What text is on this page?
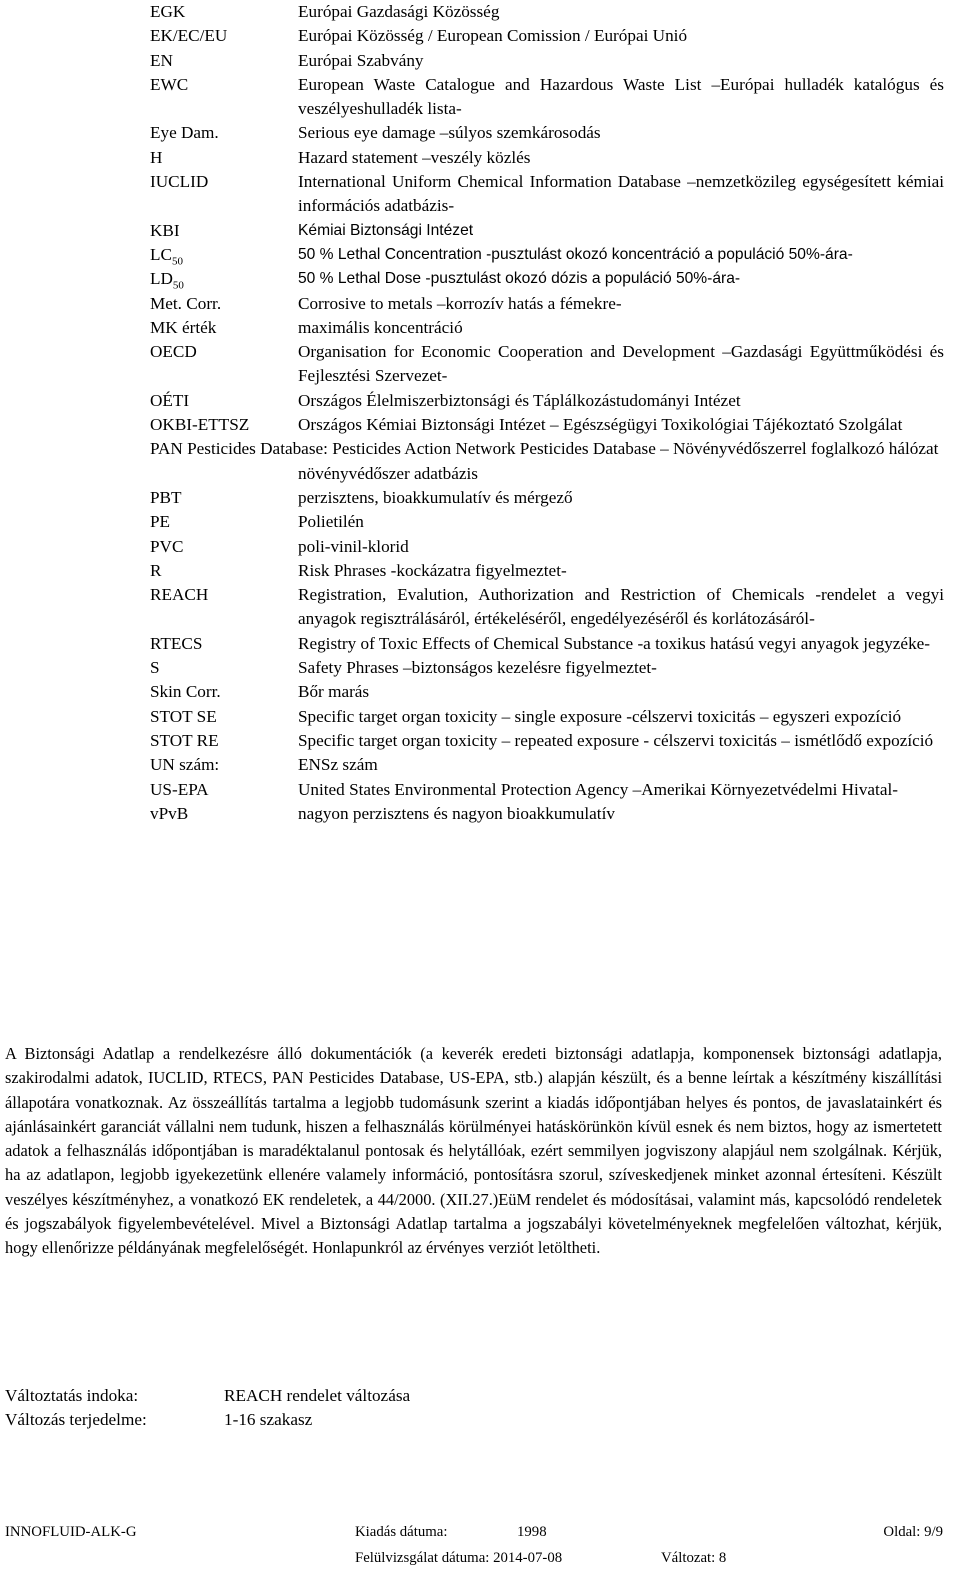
EGK	Európai Gazdasági Közösség
EK/EC/EU	Európai Közösség / European Comission / Európai Unió
EN	Európai Szabvány
EWC	European Waste Catalogue and Hazardous Waste List –Európai hulladék katalógus és veszélyeshulladék lista-
Eye Dam.	Serious eye damage –súlyos szemkárosodás
H	Hazard statement –veszély közlés
IUCLID	International Uniform Chemical Information Database –nemzetközileg egységesített kémiai információs adatbázis-
KBI	Kémiai Biztonsági Intézet
$LC_{50}$	50 % Lethal Concentration -pusztulást okozó koncentráció a populáció 50%-ára-
$LD_{50}$	50 % Lethal Dose -pusztulást okozó dózis a populáció 50%-ára-
Met. Corr.	Corrosive to metals –korrozív hatás a fémekre-
MK érték	maximális koncentráció
OECD	Organisation for Economic Cooperation and Development –Gazdasági Együttműködési és Fejlesztési Szervezet-
OÉTI	Országos Élelmiszerbiztonsági és Táplálkozástudományi Intézet
OKBI-ETTSZ	Országos Kémiai Biztonsági Intézet – Egészségügyi Toxikológiai Tájékoztató Szolgálat
PAN Pesticides Database: Pesticides Action Network Pesticides Database – Növényvédőszerrel foglalkozó hálózat növényvédőszer adatbázis
PBT	perzisztens, bioakkumulatív és mérgező
PE	Polietilén
PVC	poli-vinil-klorid
R	Risk Phrases -kockázatra figyelmeztet-
REACH	Registration, Evalution, Authorization and Restriction of Chemicals -rendelet a vegyi anyagok regisztrálásáról, értékeléséről, engedélyezéséről és korlátozásáról-
RTECS	Registry of Toxic Effects of Chemical Substance -a toxikus hatású vegyi anyagok jegyzéke-
S	Safety Phrases –biztonságos kezelésre figyelmeztet-
Skin Corr.	Bőr marás
STOT SE	Specific target organ toxicity – single exposure -célszervi toxicitás – egyszeri expozíció
STOT RE	Specific target organ toxicity – repeated exposure - célszervi toxicitás – ismétlődő expozíció
UN szám:	ENSz szám
US-EPA	United States Environmental Protection Agency –Amerikai Környezetvédelmi Hivatal-
vPvB	nagyon perzisztens és nagyon bioakkumulatív

A Biztonsági Adatlap a rendelkezésre álló dokumentációk (a keverék eredeti biztonsági adatlapja, komponensek biztonsági adatlapja, szakirodalmi adatok, IUCLID, RTECS, PAN Pesticides Database, US-EPA, stb.) alapján készült, és a benne leírtak a készítmény kiszállítási állapotára vonatkoznak. Az összeállítás tartalma a legjobb tudomásunk szerint a kiadás időpontjában helyes és pontos, de javaslatainkért és ajánlásainkért garanciát vállalni nem tudunk, hiszen a felhasználás körülményei hatáskörünkön kívül esnek és nem biztos, hogy az ismertetett adatok a felhasználás időpontjában is maradéktalanul pontosak és helytállóak, ezért semmilyen jogviszony alapjául nem szolgálnak. Kérjük, ha az adatlapon, legjobb igyekezetünk ellenére valamely információ, pontosításra szorul, szíveskedjenek minket azonnal értesíteni. Készült veszélyes készítményhez, a vonatkozó EK rendeletek, a 44/2000. (XII.27.)EüM rendelet és módosításai, valamint más, kapcsolódó rendeletek és jogszabályok figyelembevételével. Mivel a Biztonsági Adatlap tartalma a jogszabályi követelményeknek megfelelően változhat, kérjük, hogy ellenőrizze példányának megfelelőségét. Honlapunkról az érvényes verziót letöltheti.

Változtatás indoka:	REACH rendelet változása
Változás terjedelme:	1-16 szakasz
INNOFLUID-ALK-G	Kiadás dátuma:	1998	Oldal: 9/9
Felülvizsgálat dátuma: 2014-07-08	Változat: 8
